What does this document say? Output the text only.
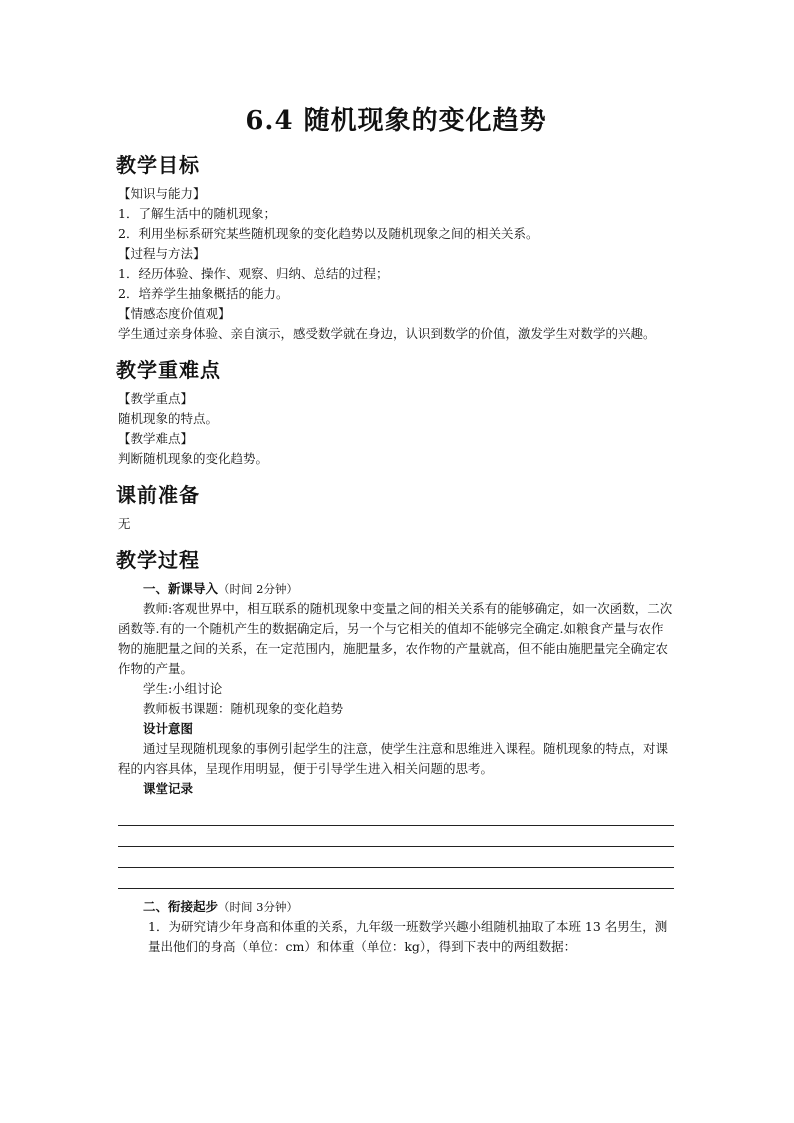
6.4 随机现象的变化趋势
教学目标

【知识与能力】

1．了解生活中的随机现象；

2．利用坐标系研究某些随机现象的变化趋势以及随机现象之间的相关关系。

【过程与方法】

1．经历体验、操作、观察、归纳、总结的过程；

2．培养学生抽象概括的能力。

【情感态度价值观】

学生通过亲身体验、亲自演示，感受数学就在身边，认识到数学的价值，激发学生对数学的兴趣。

教学重难点

【教学重点】

随机现象的特点。

【教学难点】

判断随机现象的变化趋势。

课前准备

无

教学过程

一、新课导入（时间 2分钟）

教师:客观世界中，相互联系的随机现象中变量之间的相关关系有的能够确定，如一次函数，二次函数等.有的一个随机产生的数据确定后，另一个与它相关的值却不能够完全确定.如粮食产量与农作物的施肥量之间的关系，在一定范围内，施肥量多，农作物的产量就高，但不能由施肥量完全确定农作物的产量。

学生:小组讨论

教师板书课题：随机现象的变化趋势

设计意图

通过呈现随机现象的事例引起学生的注意，使学生注意和思维进入课程。随机现象的特点，对课程的内容具体，呈现作用明显，便于引导学生进入相关问题的思考。

课堂记录

二、衔接起步（时间 3分钟）

1．为研究请少年身高和体重的关系，九年级一班数学兴趣小组随机抽取了本班 13 名男生，测量出他们的身高（单位：cm）和体重（单位：kg），得到下表中的两组数据：
